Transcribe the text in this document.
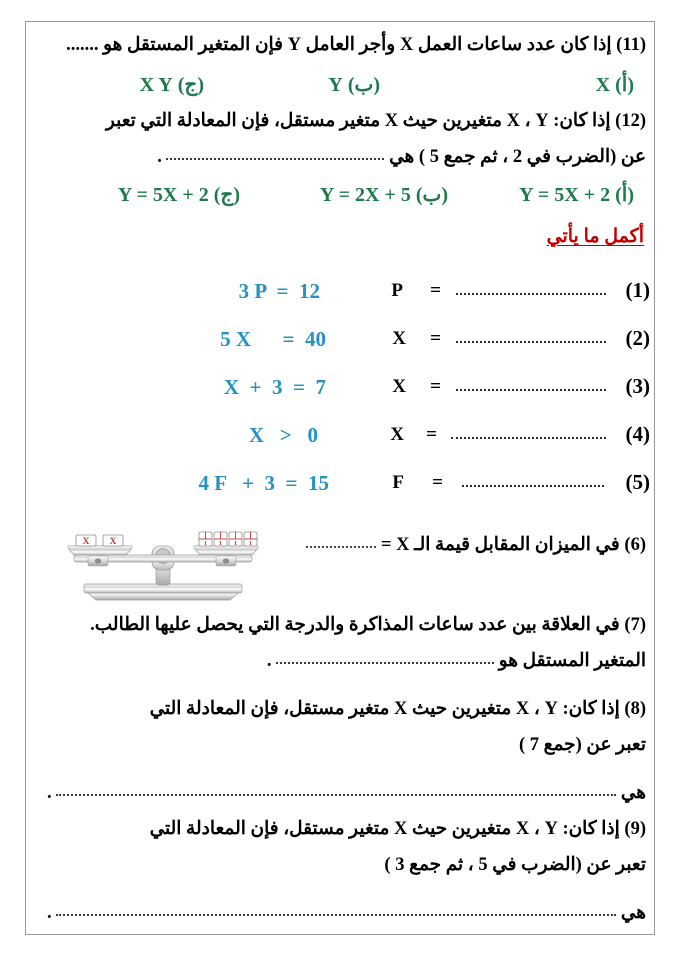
(11) إذا كان عدد ساعات العمل X وأجر العامل Y فإن المتغير المستقل هو .......
(أ) X
(ب) Y
(ج) X Y
(12) إذا كان: X ، Y متغيرين حيث X متغير مستقل، فإن المعادلة التي تعبر
عن (الضرب في 2 ، ثم جمع 5 ) هي  .
(أ) Y = 5X + 2
(ب) Y = 2X + 5
(ج) Y = 5X + 2
أكمل ما يأتي
(1)
=
P
3 P  =  12
(2)
=
X
5 X      =  40
(3)
=
X
X  +  3  =  7
(4)
=
X
X   >   0
(5)
=
F
4 F   +  3  =  15
(6) في الميزان المقابل قيمة الـ X =
X X	1 1 1 1
(7) في العلاقة بين عدد ساعات المذاكرة والدرجة التي يحصل عليها الطالب.
المتغير المستقل هو  .
(8) إذا كان: X ، Y متغيرين حيث X متغير مستقل، فإن المعادلة التي
تعبر عن (جمع 7 )
هي  .
(9) إذا كان: X ، Y متغيرين حيث X متغير مستقل، فإن المعادلة التي
تعبر عن (الضرب في 5 ، ثم جمع 3 )
هي  .
